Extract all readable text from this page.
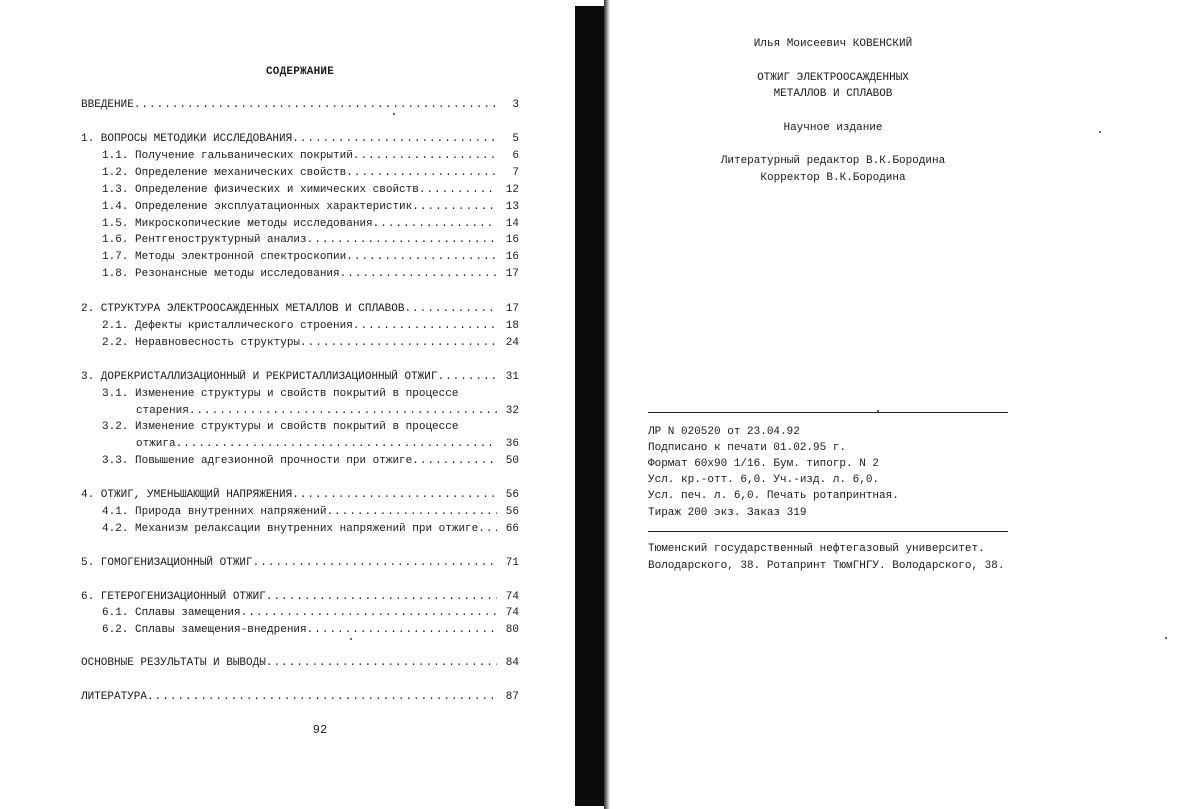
СОДЕРЖАНИЕ
ВВЕДЕНИЕ .....	3
1. ВОПРОСЫ МЕТОДИКИ ИССЛЕДОВАНИЯ .....	5
1.1. Получение гальванических покрытий .....	6
1.2. Определение механических свойств .....	7
1.3. Определение физических и химических свойств .....	12
1.4. Определение эксплуатационных характеристик .....	13
1.5. Микроскопические методы исследования .....	14
1.6. Рентгеноструктурный анализ .....	16
1.7. Методы электронной спектроскопии .....	16
1.8. Резонансные методы исследования .....	17
2. СТРУКТУРА ЭЛЕКТРООСАЖДЕННЫХ МЕТАЛЛОВ И СПЛАВОВ .....	17
2.1. Дефекты кристаллического строения .....	18
2.2. Неравновесность структуры .....	24
3. ДОРЕКРИСТАЛЛИЗАЦИОННЫЙ И РЕКРИСТАЛЛИЗАЦИОННЫЙ ОТЖИГ .....	31
3.1. Изменение структуры и свойств покрытий в процессе
старения .....	32
3.2. Изменение структуры и свойств покрытий в процессе
отжига .....	36
3.3. Повышение адгезионной прочности при отжиге .....	50
4. ОТЖИГ, УМЕНЬШАЮЩИЙ НАПРЯЖЕНИЯ .....	56
4.1. Природа внутренних напряжений .....	56
4.2. Механизм релаксации внутренних напряжений при отжиге .....	66
5. ГОМОГЕНИЗАЦИОННЫЙ ОТЖИГ .....	71
6. ГЕТЕРОГЕНИЗАЦИОННЫЙ ОТЖИГ .....	74
6.1. Сплавы замещения .....	74
6.2. Сплавы замещения-внедрения .....	80
ОСНОВНЫЕ РЕЗУЛЬТАТЫ И ВЫВОДЫ .....	84
ЛИТЕРАТУРА .....	87
92
Илья Моисеевич КОВЕНСКИЙ
ОТЖИГ ЭЛЕКТРООСАЖДЕННЫХ
МЕТАЛЛОВ И СПЛАВОВ
Научное издание
Литературный редактор В.К.Бородина
Корректор В.К.Бородина
ЛР N 020520 от 23.04.92
Подписано к печати 01.02.95 г.
Формат 60х90 1/16. Бум. типогр. N 2
Усл. кр.-отт. 6,0. Уч.-изд. л. 6,0.
Усл. печ. л. 6,0. Печать ротапринтная.
Тираж 200 экз. Заказ 319
Тюменский государственный нефтегазовый университет.
Володарского, 38. Ротапринт ТюмГНГУ. Володарского, 38.
